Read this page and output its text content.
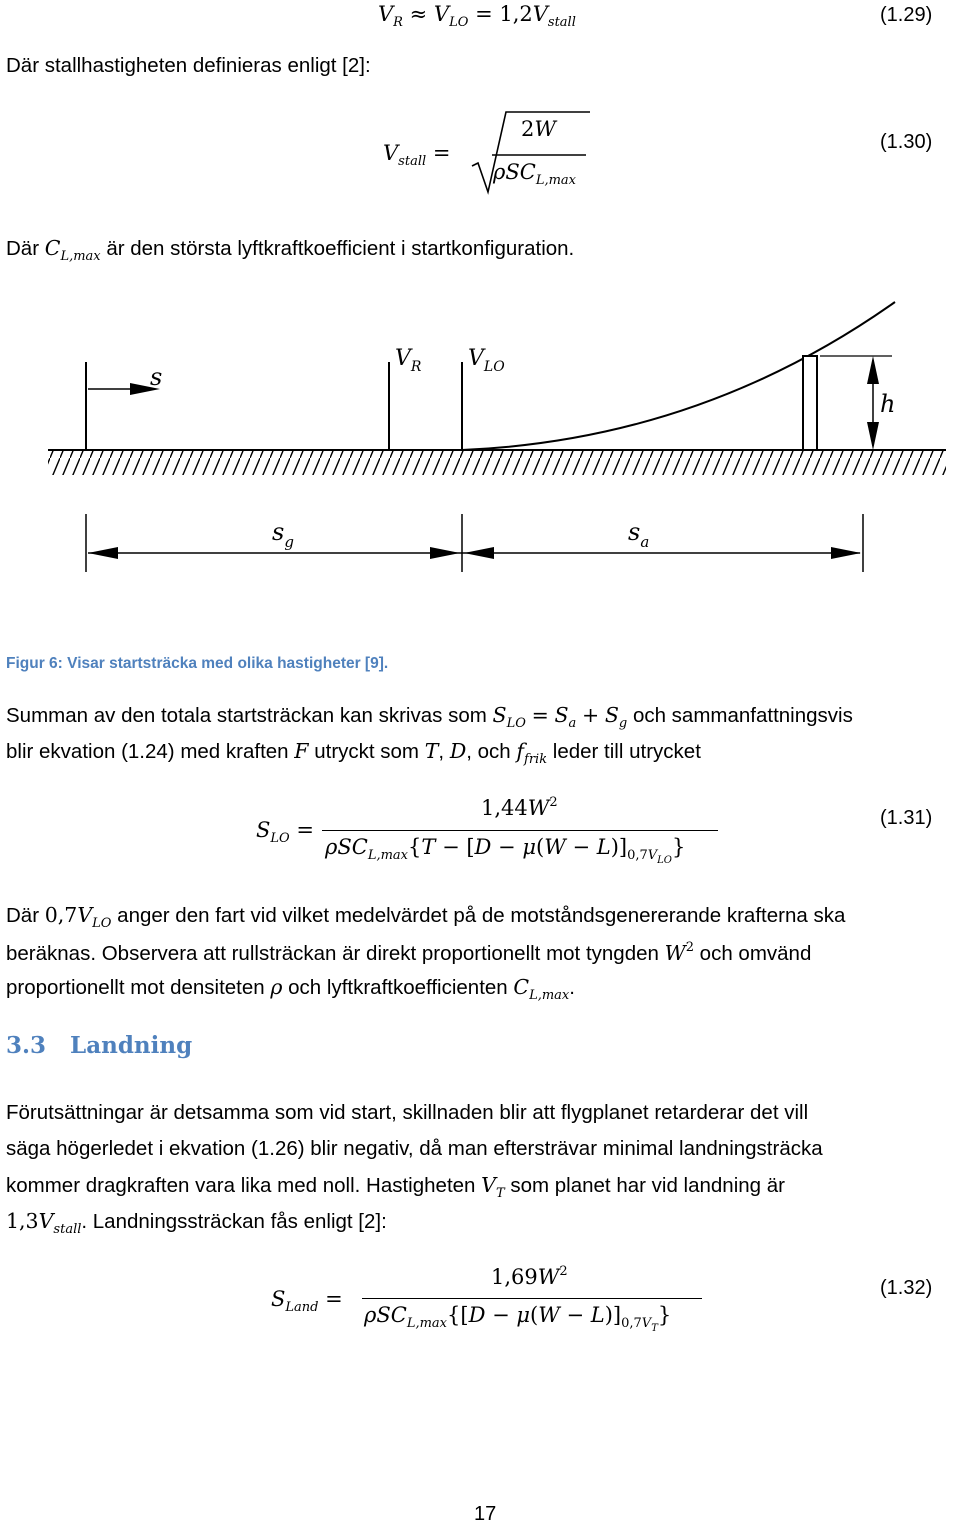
$V_R \approx V_{LO} = 1,2V_{stall}$	(1.29)
Där stallhastigheten definieras enligt [2]:
$V_{stall}$ =
2W
ρSC$_{L,max}$
(1.30)
Där $C_{L,max}$ är den största lyftkraftkoefficient i startkonfiguration.
s
$V_R$ $V_{LO}$
h
$s_g$	$s_a$
Figur 6: Visar startsträcka med olika hastigheter [9].
Summan av den totala startsträckan kan skrivas som $S_{LO} = S_a + S_g$ och sammanfattningsvis
blir ekvation (1.24) med kraften F utryckt som T, D, och $f_{frik}$ leder till utrycket
$S_{LO}$ =
$1,44W^2$
$\rho SC_{L,max}\{T - [D - \mu(W - L)]_{0,7VLO}\}$
(1.31)
Där $0,7V_{LO}$ anger den fart vid vilket medelvärdet på de motståndsgenererande krafterna ska
beräknas. Observera att rullsträckan är direkt proportionellt mot tyngden $W^2$ och omvänd
proportionellt mot densiteten ρ och lyftkraftkoefficienten $C_{L,max}$.
3.3 Landning
Förutsättningar är detsamma som vid start, skillnaden blir att flygplanet retarderar det vill
säga högerledet i ekvation (1.26) blir negativ, då man eftersträvar minimal landningsträcka
kommer dragkraften vara lika med noll. Hastigheten $V_T$ som planet har vid landning är
$1,3V_{stall}$. Landningssträckan fås enligt [2]:
$S_{Land}$ =
$1,69W^2$
$\rho SC_{L,max}\{[D - \mu(W - L)]_{0,7VT}\}$
(1.32)
17
